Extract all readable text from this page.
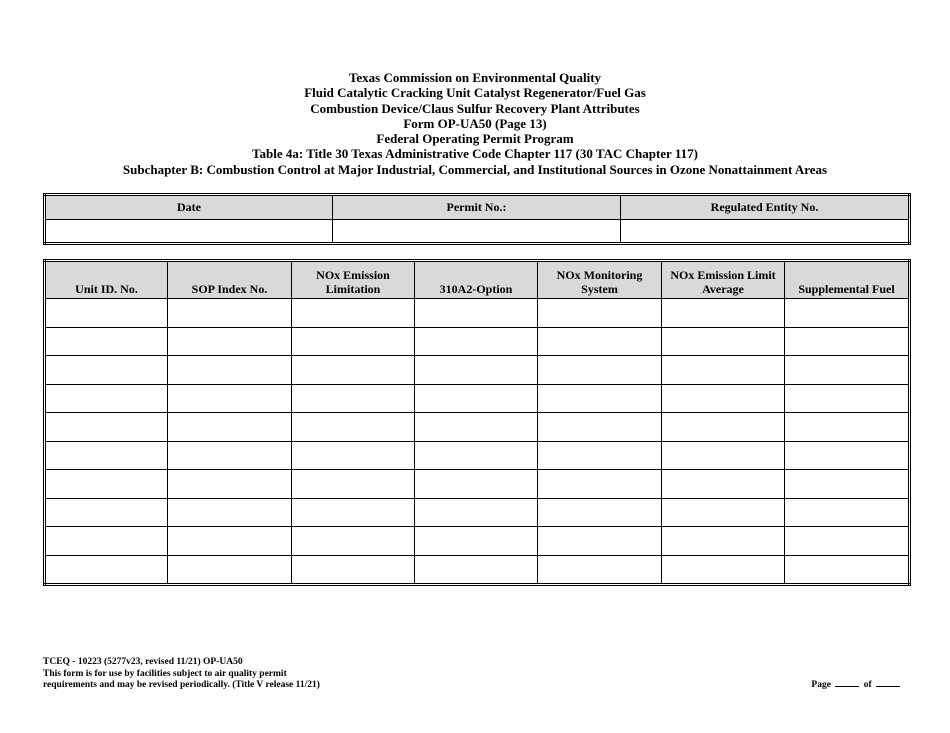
Texas Commission on Environmental Quality
Fluid Catalytic Cracking Unit Catalyst Regenerator/Fuel Gas
Combustion Device/Claus Sulfur Recovery Plant Attributes
Form OP-UA50 (Page 13)
Federal Operating Permit Program
Table 4a: Title 30 Texas Administrative Code Chapter 117 (30 TAC Chapter 117)
Subchapter B: Combustion Control at Major Industrial, Commercial, and Institutional Sources in Ozone Nonattainment Areas
Date	Permit No.:	Regulated Entity No.

Unit ID. No.	SOP Index No.	NOx Emission Limitation	310A2-Option	NOx Monitoring System	NOx Emission Limit Average	Supplemental Fuel

TCEQ - 10223 (5277v23, revised 11/21) OP-UA50
This form is for use by facilities subject to air quality permit
requirements and may be revised periodically. (Title V release 11/21)	Page	of
